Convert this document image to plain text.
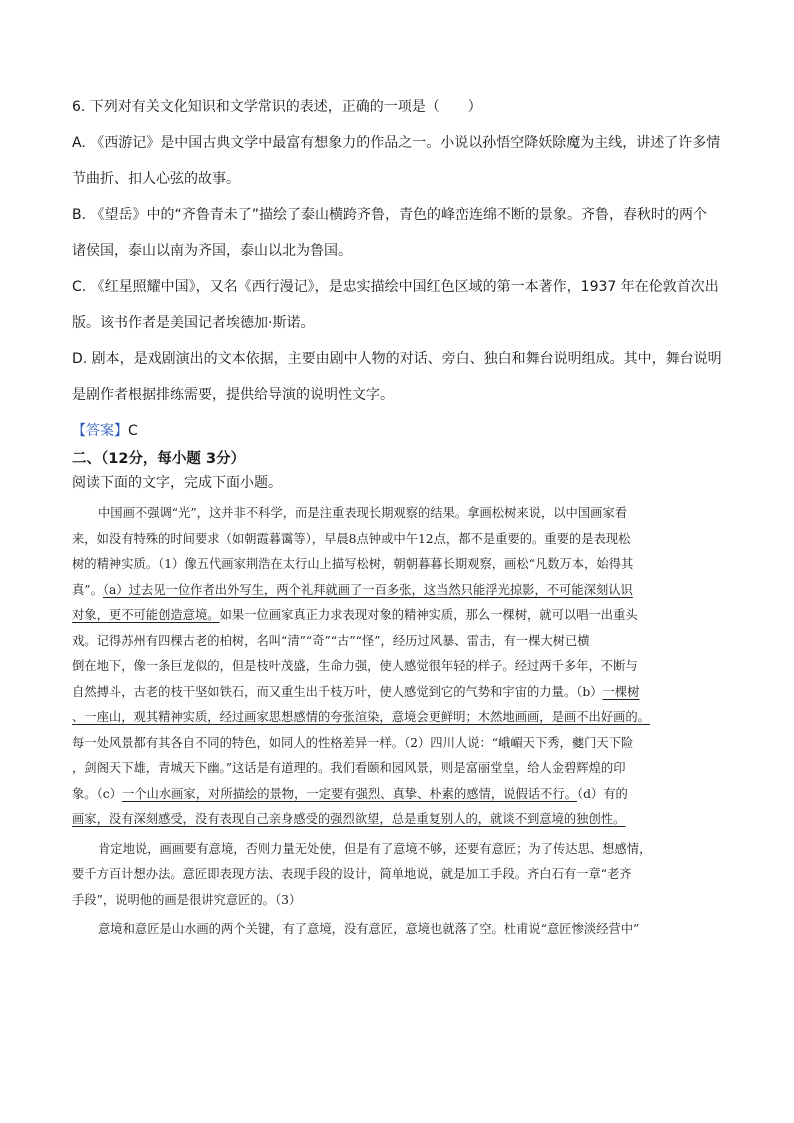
6. 下列对有关文化知识和文学常识的表述，正确的一项是（　　）
A. 《西游记》是中国古典文学中最富有想象力的作品之一。小说以孙悟空降妖除魔为主线，讲述了许多情
节曲折、扣人心弦的故事。
B. 《望岳》中的“齐鲁青未了”描绘了泰山横跨齐鲁，青色的峰峦连绵不断的景象。齐鲁，春秋时的两个
诸侯国，泰山以南为齐国，泰山以北为鲁国。
C. 《红星照耀中国》，又名《西行漫记》，是忠实描绘中国红色区域的第一本著作，1937 年在伦敦首次出
版。该书作者是美国记者埃德加·斯诺。
D. 剧本，是戏剧演出的文本依据，主要由剧中人物的对话、旁白、独白和舞台说明组成。其中，舞台说明
是剧作者根据排练需要，提供给导演的说明性文字。
【答案】C
二、（12分，每小题 3分）
阅读下面的文字，完成下面小题。
中国画不强调“光”，这并非不科学，而是注重表现长期观察的结果。拿画松树来说，以中国画家看
来，如没有特殊的时间要求（如朝霞暮霭等），早晨8点钟或中午12点，都不是重要的。重要的是表现松
树的精神实质。（1）像五代画家荆浩在太行山上描写松树，朝朝暮暮长期观察，画松“凡数万本，始得其
真”。（a）过去见一位作者出外写生，两个礼拜就画了一百多张，这当然只能浮光掠影，不可能深刻认识
对象，更不可能创造意境。如果一位画家真正力求表现对象的精神实质，那么一棵树，就可以唱一出重头
戏。记得苏州有四棵古老的柏树，名叫“清”“奇”“古”“怪”，经历过风暴、雷击，有一棵大树已横
倒在地下，像一条巨龙似的，但是枝叶茂盛，生命力强，使人感觉很年轻的样子。经过两千多年，不断与
自然搏斗，古老的枝干坚如铁石，而又重生出千枝万叶，使人感觉到它的气势和宇宙的力量。（b）一棵树
、一座山，观其精神实质，经过画家思想感情的夸张渲染，意境会更鲜明；木然地画画，是画不出好画的。
每一处风景都有其各自不同的特色，如同人的性格差异一样。（2）四川人说：“峨嵋天下秀，夔门天下险
，剑阁天下雄，青城天下幽。”这话是有道理的。我们看颐和园风景，则是富丽堂皇，给人金碧辉煌的印
象。（c）一个山水画家，对所描绘的景物，一定要有强烈、真挚、朴素的感情，说假话不行。（d）有的
画家，没有深刻感受，没有表现自己亲身感受的强烈欲望，总是重复别人的，就谈不到意境的独创性。
肯定地说，画画要有意境，否则力量无处使，但是有了意境不够，还要有意匠；为了传达思、想感情，
要千方百计想办法。意匠即表现方法、表现手段的设计，简单地说，就是加工手段。齐白石有一章“老齐
手段”，说明他的画是很讲究意匠的。（3）
意境和意匠是山水画的两个关键，有了意境，没有意匠，意境也就落了空。杜甫说“意匠惨淡经营中”
